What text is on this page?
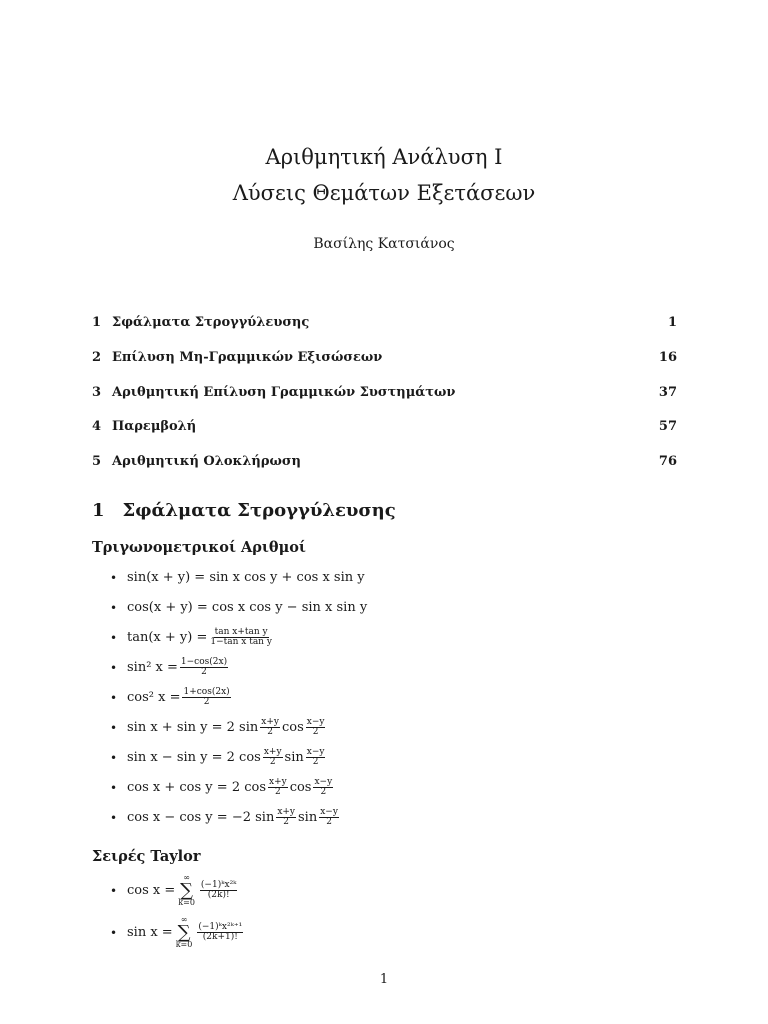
Αριθμητική Ανάλυση Ι
Λύσεις Θεμάτων Εξετάσεων
Βασίλης Κατσιάνος
1 Σφάλματα Στρογγύλευσης	1
2 Επίλυση Μη-Γραμμικών Εξισώσεων	16
3 Αριθμητική Επίλυση Γραμμικών Συστημάτων	37
4 Παρεμβολή	57
5 Αριθμητική Ολοκλήρωση	76
1 Σφάλματα Στρογγύλευσης
Τριγωνομετρικοί Αριθμοί
• sin(x + y) = sin x cos y + cos x sin y
• cos(x + y) = cos x cos y − sin x sin y
• $\tan(x + y) = \frac{\text{tan x+tan y}}{\text{1−tan x tan y}}$
• sin² $x = \frac{1-\cos(2x)}{2}$
• cos² $x = \frac{1+\cos(2x)}{2}$
• sin x + sin y = 2 $\sin \frac{x+y}{2}$ $\cos \frac{x-y}{2}$
• sin x − sin y = 2 $\cos \frac{x+y}{2}$ $\sin \frac{x-y}{2}$
• cos x + cos y = 2 $\cos \frac{x+y}{2}$ $\cos \frac{x-y}{2}$
• cos x − cos y = −2 $\sin \frac{x+y}{2}$ $\sin \frac{x-y}{2}$
Σειρές Taylor
• cos x =
∞
∑
k=0
$\frac{\text{(−1)ᵏx²ᵏ}}{(2k)!}$
• sin x =
∞
∑
k=0
$\frac{\text{(−1)ᵏx²ᵏ⁺¹}}{(2k+1)!}$
1
